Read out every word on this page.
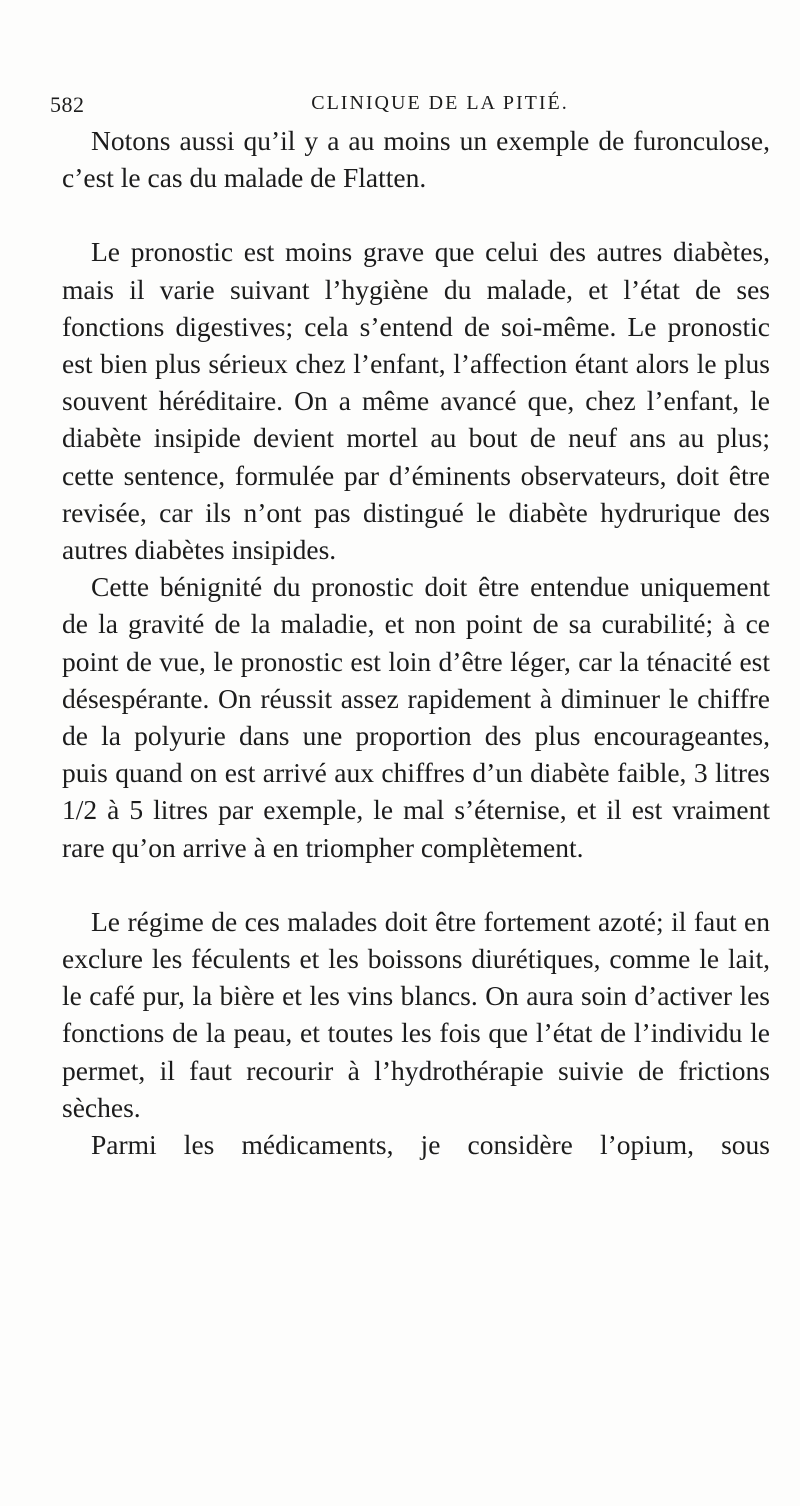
582	CLINIQUE DE LA PITIÉ.

Notons aussi qu’il y a au moins un exemple de furonculose, c’est le cas du malade de Flatten.

Le pronostic est moins grave que celui des autres diabètes, mais il varie suivant l’hygiène du malade, et l’état de ses fonctions digestives; cela s’entend de soi-même. Le pronostic est bien plus sérieux chez l’enfant, l’affection étant alors le plus souvent héréditaire. On a même avancé que, chez l’enfant, le diabète insipide devient mortel au bout de neuf ans au plus; cette sentence, formulée par d’éminents observateurs, doit être revisée, car ils n’ont pas distingué le diabète hydrurique des autres diabètes insipides.

Cette bénignité du pronostic doit être entendue uniquement de la gravité de la maladie, et non point de sa curabilité; à ce point de vue, le pronostic est loin d’être léger, car la ténacité est désespérante. On réussit assez rapidement à diminuer le chiffre de la polyurie dans une proportion des plus encourageantes, puis quand on est arrivé aux chiffres d’un diabète faible, 3 litres 1/2 à 5 litres par exemple, le mal s’éternise, et il est vraiment rare qu’on arrive à en triompher complètement.

Le régime de ces malades doit être fortement azoté; il faut en exclure les féculents et les boissons diurétiques, comme le lait, le café pur, la bière et les vins blancs. On aura soin d’activer les fonctions de la peau, et toutes les fois que l’état de l’individu le permet, il faut recourir à l’hydrothérapie suivie de frictions sèches.

Parmi les médicaments, je considère l’opium, sous
